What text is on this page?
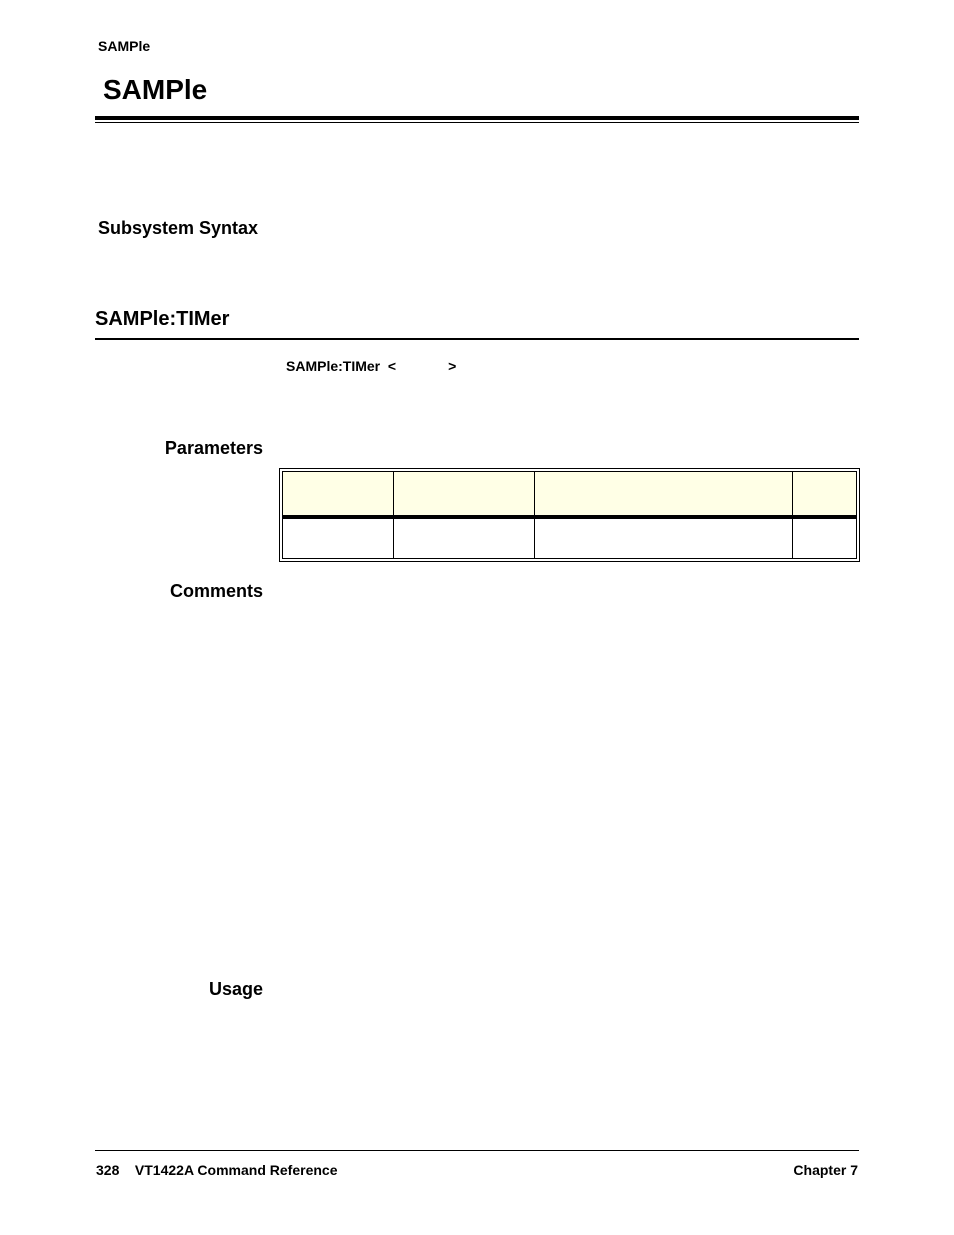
SAMPle
SAMPle
Subsystem Syntax
SAMPle:TIMer
SAMPle:TIMer <	>
Parameters

Comments
Usage
328 VT1422A Command Reference	Chapter 7
